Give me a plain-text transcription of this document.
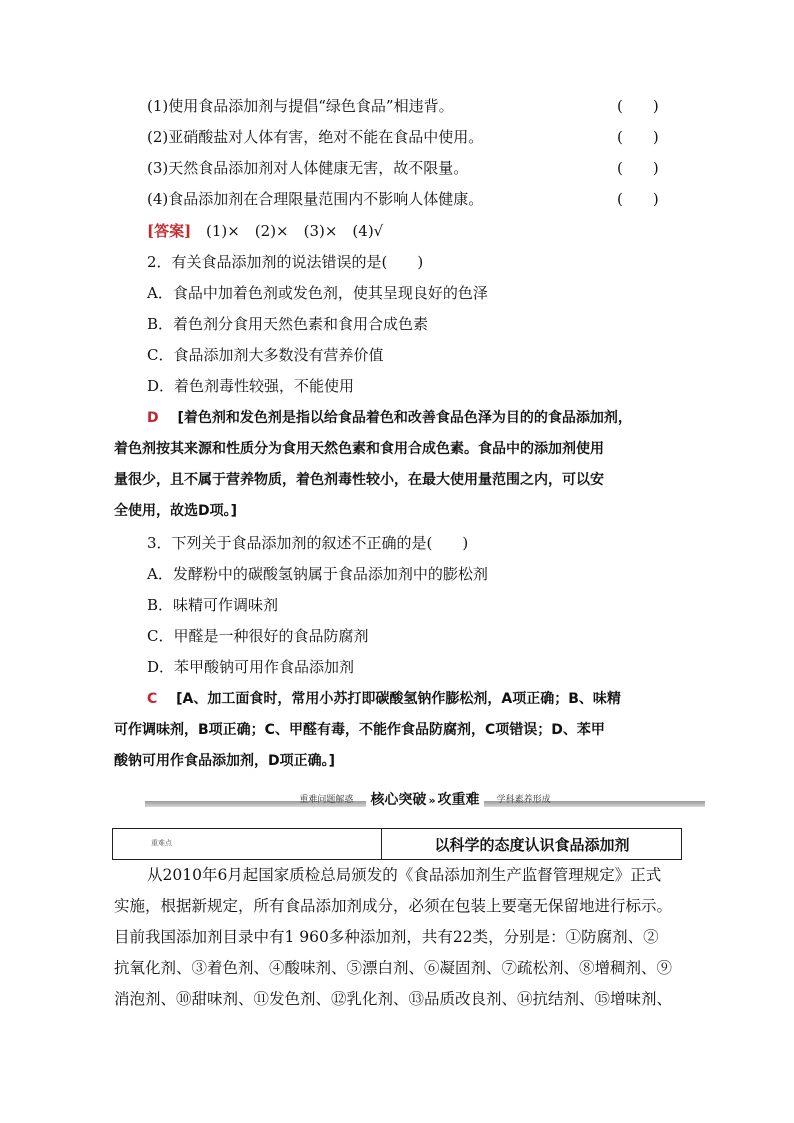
(1)使用食品添加剂与提倡“绿色食品”相违背。	(　　)
(2)亚硝酸盐对人体有害，绝对不能在食品中使用。	(　　)
(3)天然食品添加剂对人体健康无害，故不限量。	(　　)
(4)食品添加剂在合理限量范围内不影响人体健康。	(　　)
[答案] (1)×　(2)×　(3)×　(4)√
2．有关食品添加剂的说法错误的是(　　)
A．食品中加着色剂或发色剂，使其呈现良好的色泽
B．着色剂分食用天然色素和食用合成色素
C．食品添加剂大多数没有营养价值
D．着色剂毒性较强，不能使用
D [着色剂和发色剂是指以给食品着色和改善食品色泽为目的的食品添加剂，
着色剂按其来源和性质分为食用天然色素和食用合成色素。食品中的添加剂使用
量很少，且不属于营养物质，着色剂毒性较小，在最大使用量范围之内，可以安
全使用，故选D项。]
3．下列关于食品添加剂的叙述不正确的是(　　)
A．发酵粉中的碳酸氢钠属于食品添加剂中的膨松剂
B．味精可作调味剂
C．甲醛是一种很好的食品防腐剂
D．苯甲酸钠可用作食品添加剂
C [A、加工面食时，常用小苏打即碳酸氢钠作膨松剂，A项正确；B、味精
可作调味剂，B项正确；C、甲醛有毒，不能作食品防腐剂，C项错误；D、苯甲
酸钠可用作食品添加剂，D项正确。]
重难问题解惑 核心突破 » 攻重难 学科素养形成
重难点	以科学的态度认识食品添加剂
从2010年6月起国家质检总局颁发的《食品添加剂生产监督管理规定》正式
实施，根据新规定，所有食品添加剂成分，必须在包装上要毫无保留地进行标示。
目前我国添加剂目录中有1 960多种添加剂，共有22类，分别是：①防腐剂、②
抗氧化剂、③着色剂、④酸味剂、⑤漂白剂、⑥凝固剂、⑦疏松剂、⑧增稠剂、⑨
消泡剂、⑩甜味剂、⑪发色剂、⑫乳化剂、⑬品质改良剂、⑭抗结剂、⑮增味剂、
